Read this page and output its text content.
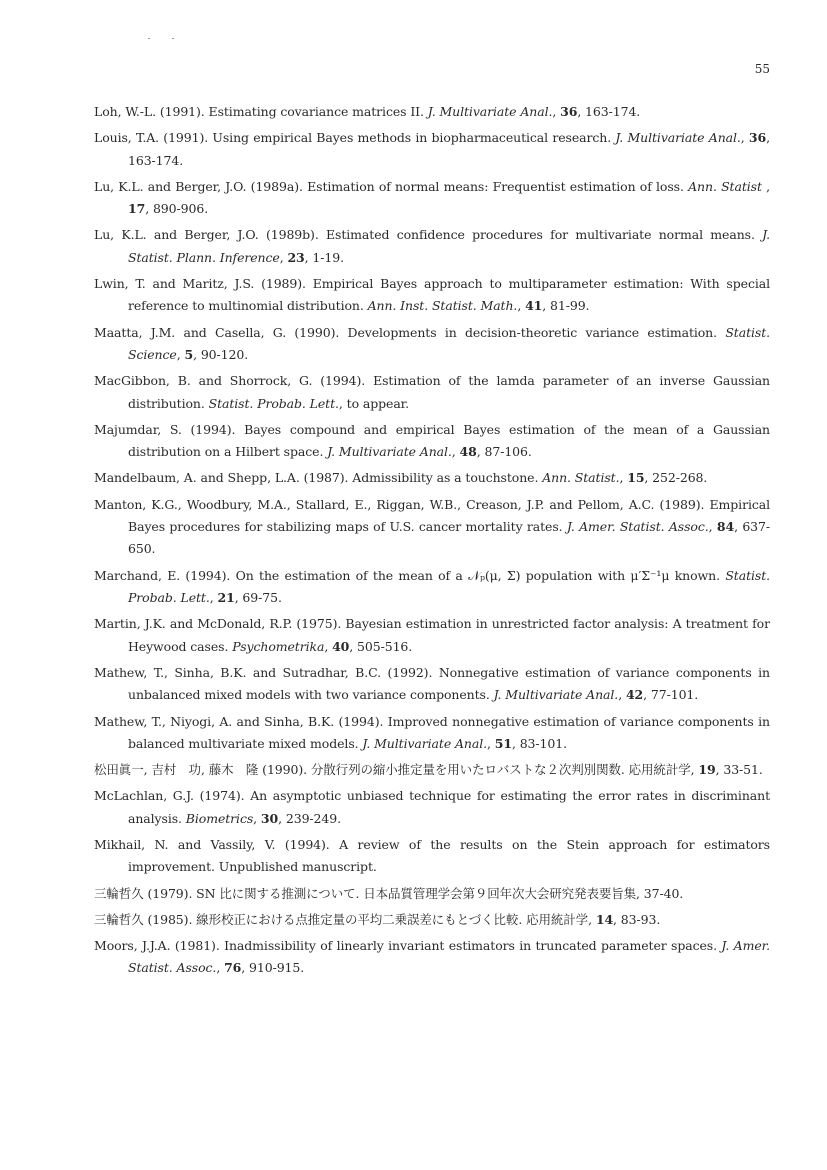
55

Loh, W.-L. (1991). Estimating covariance matrices II. J. Multivariate Anal., 36, 163-174.

Louis, T.A. (1991). Using empirical Bayes methods in biopharmaceutical research. J. Multivariate Anal., 36, 163-174.

Lu, K.L. and Berger, J.O. (1989a). Estimation of normal means: Frequentist estimation of loss. Ann. Statist , 17, 890-906.

Lu, K.L. and Berger, J.O. (1989b). Estimated confidence procedures for multivariate normal means. J. Statist. Plann. Inference, 23, 1-19.

Lwin, T. and Maritz, J.S. (1989). Empirical Bayes approach to multiparameter estimation: With special reference to multinomial distribution. Ann. Inst. Statist. Math., 41, 81-99.

Maatta, J.M. and Casella, G. (1990). Developments in decision-theoretic variance estimation. Statist. Science, 5, 90-120.

MacGibbon, B. and Shorrock, G. (1994). Estimation of the lamda parameter of an inverse Gaussian distribution. Statist. Probab. Lett., to appear.

Majumdar, S. (1994). Bayes compound and empirical Bayes estimation of the mean of a Gaussian distribution on a Hilbert space. J. Multivariate Anal., 48, 87-106.

Mandelbaum, A. and Shepp, L.A. (1987). Admissibility as a touchstone. Ann. Statist., 15, 252-268.

Manton, K.G., Woodbury, M.A., Stallard, E., Riggan, W.B., Creason, J.P. and Pellom, A.C. (1989). Empirical Bayes procedures for stabilizing maps of U.S. cancer mortality rates. J. Amer. Statist. Assoc., 84, 637-650.

Marchand, E. (1994). On the estimation of the mean of a 𝒩ₚ(μ, Σ) population with μ′Σ⁻¹μ known. Statist. Probab. Lett., 21, 69-75.

Martin, J.K. and McDonald, R.P. (1975). Bayesian estimation in unrestricted factor analysis: A treatment for Heywood cases. Psychometrika, 40, 505-516.

Mathew, T., Sinha, B.K. and Sutradhar, B.C. (1992). Nonnegative estimation of variance components in unbalanced mixed models with two variance components. J. Multivariate Anal., 42, 77-101.

Mathew, T., Niyogi, A. and Sinha, B.K. (1994). Improved nonnegative estimation of variance components in balanced multivariate mixed models. J. Multivariate Anal., 51, 83-101.

松田眞一, 吉村　功, 藤木　隆 (1990). 分散行列の縮小推定量を用いたロバストな２次判別関数. 応用統計学, 19, 33-51.

McLachlan, G.J. (1974). An asymptotic unbiased technique for estimating the error rates in discriminant analysis. Biometrics, 30, 239-249.

Mikhail, N. and Vassily, V. (1994). A review of the results on the Stein approach for estimators improvement. Unpublished manuscript.

三輪哲久 (1979). SN 比に関する推測について. 日本品質管理学会第９回年次大会研究発表要旨集, 37-40.

三輪哲久 (1985). 線形校正における点推定量の平均二乗誤差にもとづく比較. 応用統計学, 14, 83-93.

Moors, J.J.A. (1981). Inadmissibility of linearly invariant estimators in truncated parameter spaces. J. Amer. Statist. Assoc., 76, 910-915.
